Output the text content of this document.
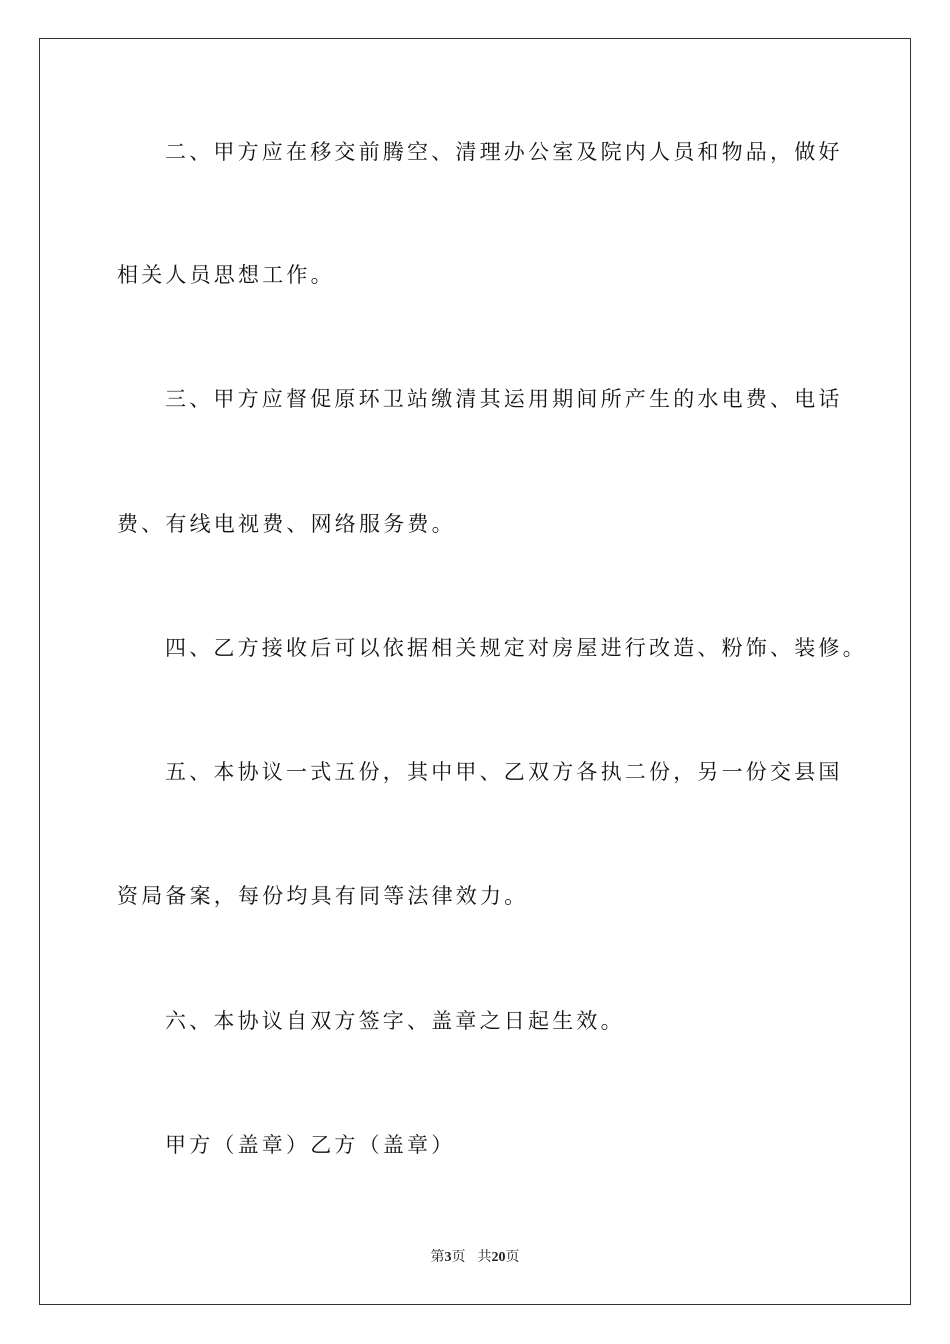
二、甲方应在移交前腾空、清理办公室及院内人员和物品，做好
相关人员思想工作。
三、甲方应督促原环卫站缴清其运用期间所产生的水电费、电话
费、有线电视费、网络服务费。
四、乙方接收后可以依据相关规定对房屋进行改造、粉饰、装修。
五、本协议一式五份，其中甲、乙双方各执二份，另一份交县国
资局备案，每份均具有同等法律效力。
六、本协议自双方签字、盖章之日起生效。
甲方（盖章）乙方（盖章）
第3页 共20页
